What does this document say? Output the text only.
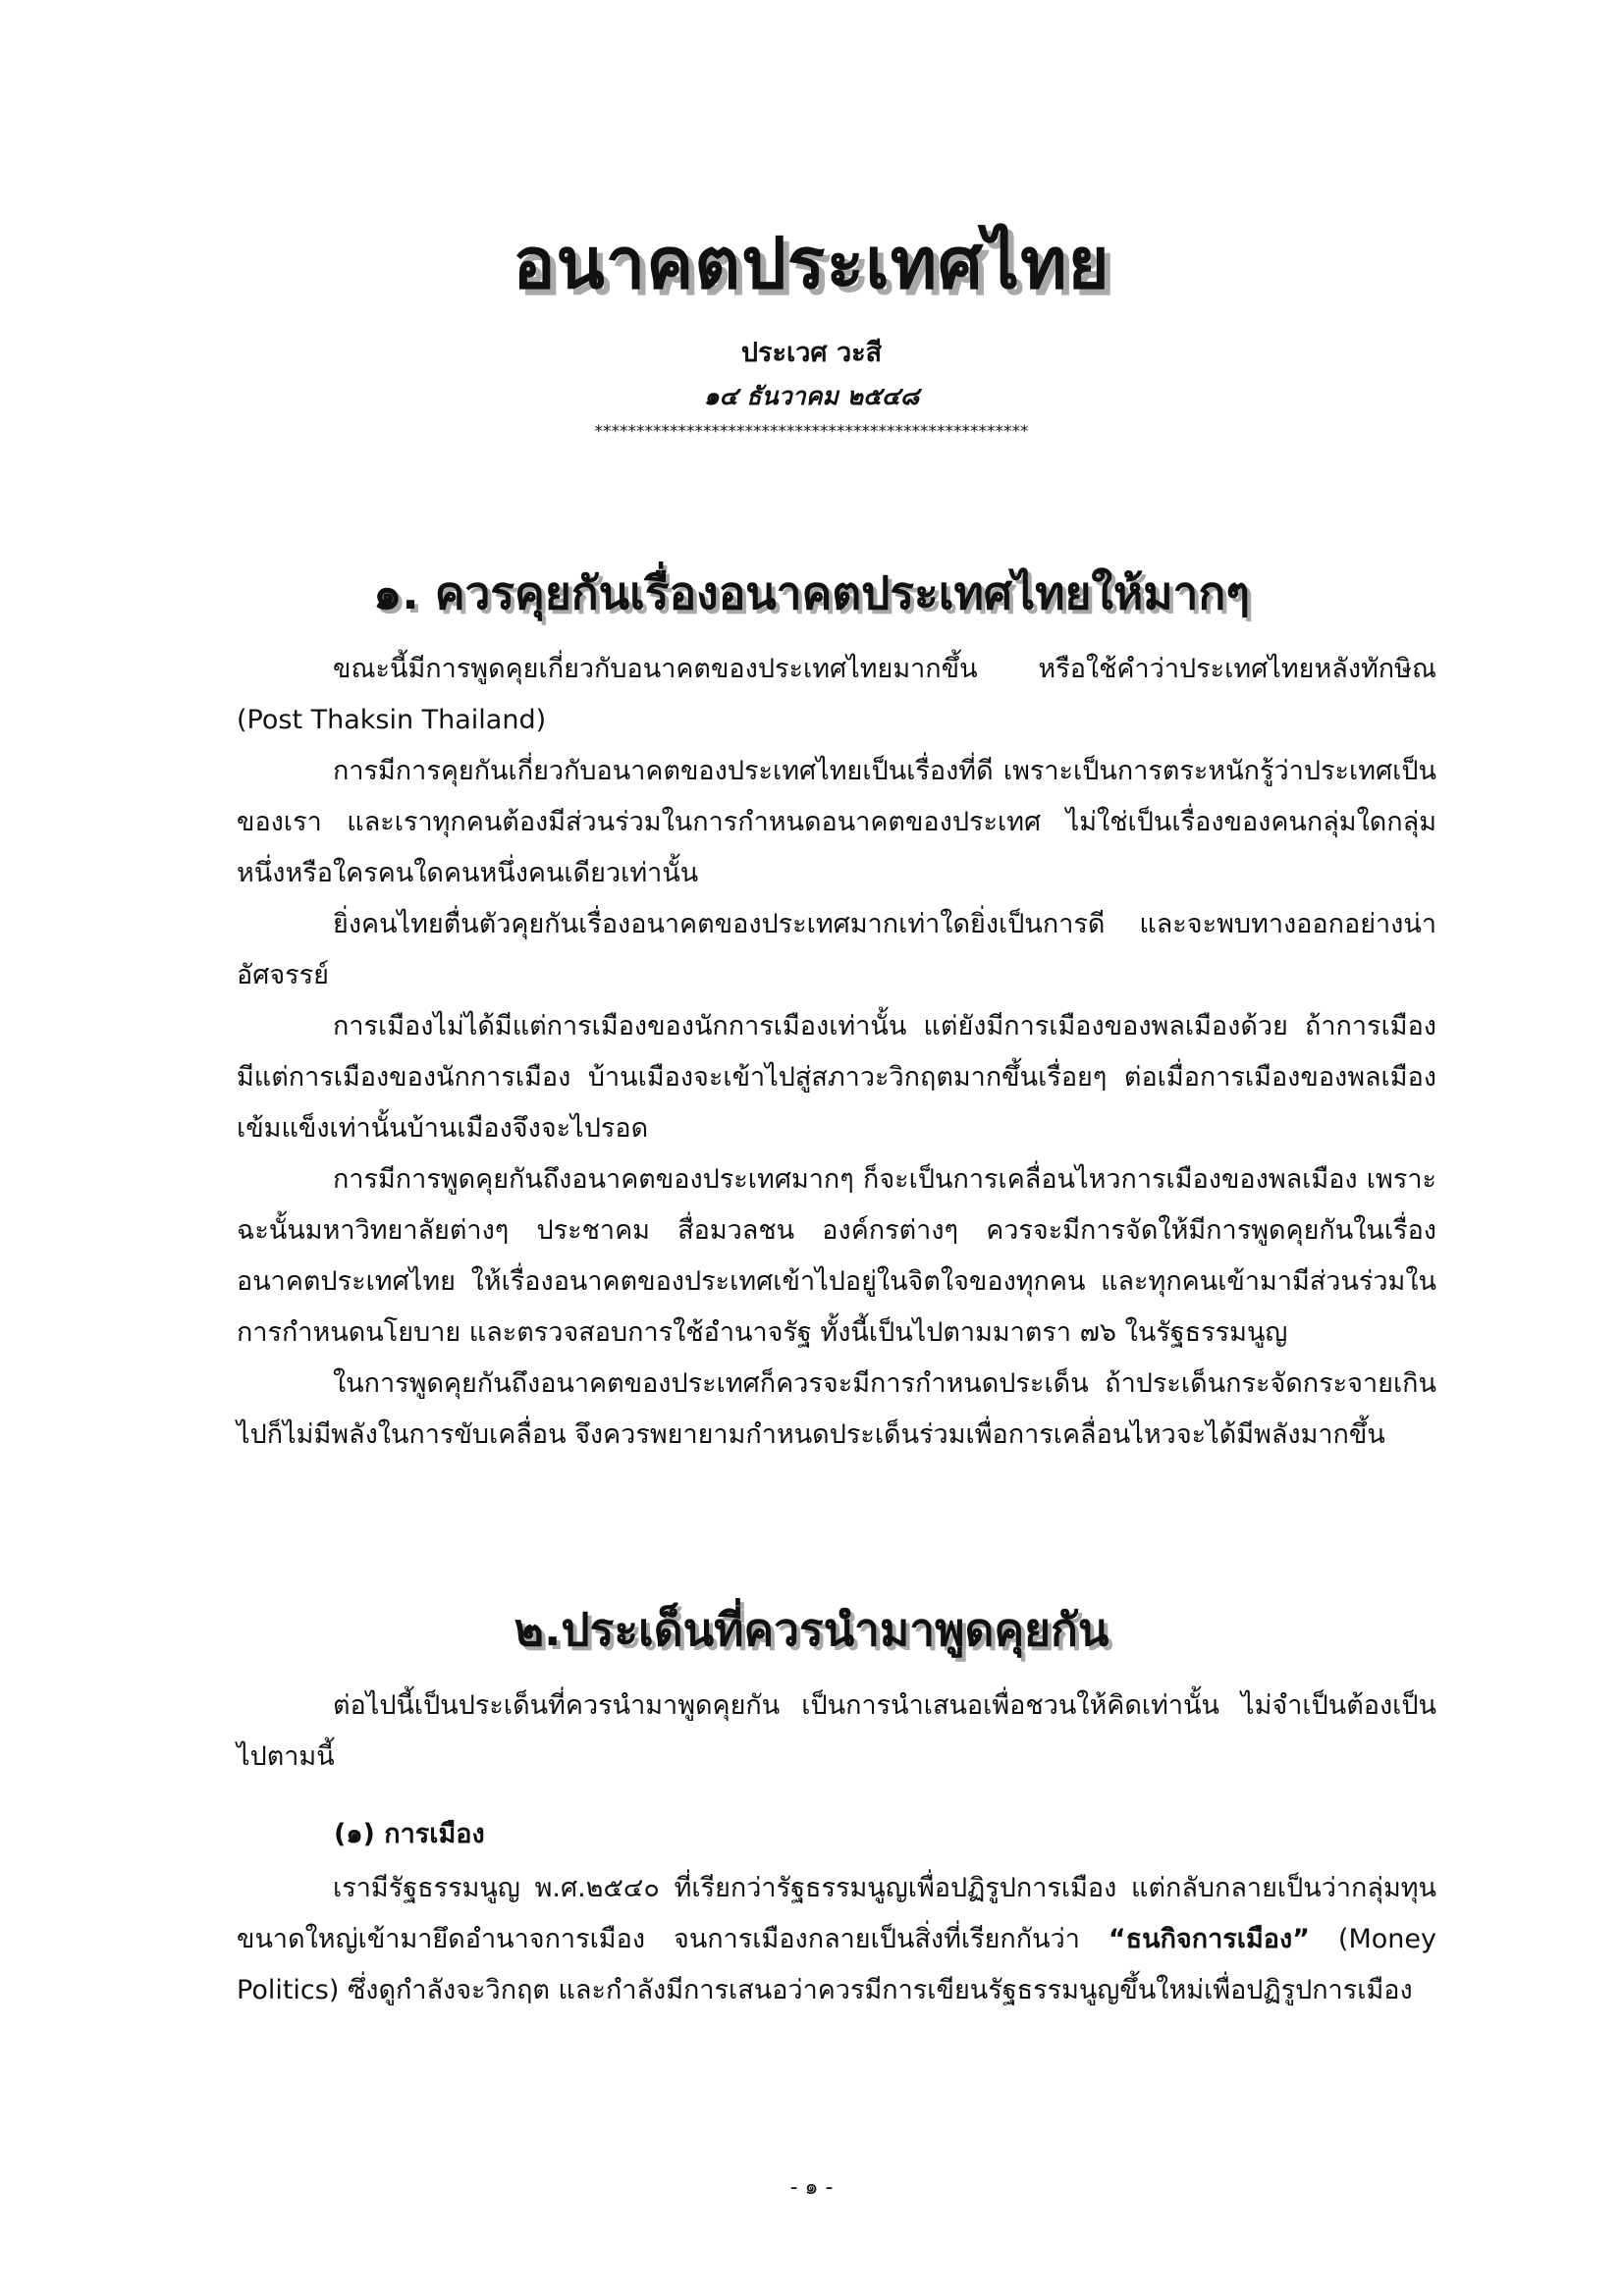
อนาคตประเทศไทย
ประเวศ วะสี
๑๔ ธันวาคม ๒๕๔๘
****************************************************
๑. ควรคุยกันเรื่องอนาคตประเทศไทยให้มากๆ

ขณะนี้มีการพูดคุยเกี่ยวกับอนาคตของประเทศไทยมากขึ้น หรือใช้คำว่าประเทศไทยหลังทักษิณ (Post Thaksin Thailand)

การมีการคุยกันเกี่ยวกับอนาคตของประเทศไทยเป็นเรื่องที่ดี เพราะเป็นการตระหนักรู้ว่าประเทศเป็นของเรา และเราทุกคนต้องมีส่วนร่วมในการกำหนดอนาคตของประเทศ ไม่ใช่เป็นเรื่องของคนกลุ่มใดกลุ่มหนึ่งหรือใครคนใดคนหนึ่งคนเดียวเท่านั้น

ยิ่งคนไทยตื่นตัวคุยกันเรื่องอนาคตของประเทศมากเท่าใดยิ่งเป็นการดี และจะพบทางออกอย่างน่าอัศจรรย์

การเมืองไม่ได้มีแต่การเมืองของนักการเมืองเท่านั้น แต่ยังมีการเมืองของพลเมืองด้วย ถ้าการเมืองมีแต่การเมืองของนักการเมือง บ้านเมืองจะเข้าไปสู่สภาวะวิกฤตมากขึ้นเรื่อยๆ ต่อเมื่อการเมืองของพลเมืองเข้มแข็งเท่านั้นบ้านเมืองจึงจะไปรอด

การมีการพูดคุยกันถึงอนาคตของประเทศมากๆ ก็จะเป็นการเคลื่อนไหวการเมืองของพลเมือง เพราะฉะนั้นมหาวิทยาลัยต่างๆ ประชาคม สื่อมวลชน องค์กรต่างๆ ควรจะมีการจัดให้มีการพูดคุยกันในเรื่องอนาคตประเทศไทย ให้เรื่องอนาคตของประเทศเข้าไปอยู่ในจิตใจของทุกคน และทุกคนเข้ามามีส่วนร่วมในการกำหนดนโยบาย และตรวจสอบการใช้อำนาจรัฐ ทั้งนี้เป็นไปตามมาตรา ๗๖ ในรัฐธรรมนูญ

ในการพูดคุยกันถึงอนาคตของประเทศก็ควรจะมีการกำหนดประเด็น ถ้าประเด็นกระจัดกระจายเกินไปก็ไม่มีพลังในการขับเคลื่อน จึงควรพยายามกำหนดประเด็นร่วมเพื่อการเคลื่อนไหวจะได้มีพลังมากขึ้น

๒.ประเด็นที่ควรนำมาพูดคุยกัน

ต่อไปนี้เป็นประเด็นที่ควรนำมาพูดคุยกัน เป็นการนำเสนอเพื่อชวนให้คิดเท่านั้น ไม่จำเป็นต้องเป็นไปตามนี้

(๑) การเมือง

เรามีรัฐธรรมนูญ พ.ศ.๒๕๔๐ ที่เรียกว่ารัฐธรรมนูญเพื่อปฏิรูปการเมือง แต่กลับกลายเป็นว่ากลุ่มทุนขนาดใหญ่เข้ามายึดอำนาจการเมือง จนการเมืองกลายเป็นสิ่งที่เรียกกันว่า “ธนกิจการเมือง” (Money Politics) ซึ่งดูกำลังจะวิกฤต และกำลังมีการเสนอว่าควรมีการเขียนรัฐธรรมนูญขึ้นใหม่เพื่อปฏิรูปการเมือง

- ๑ -
